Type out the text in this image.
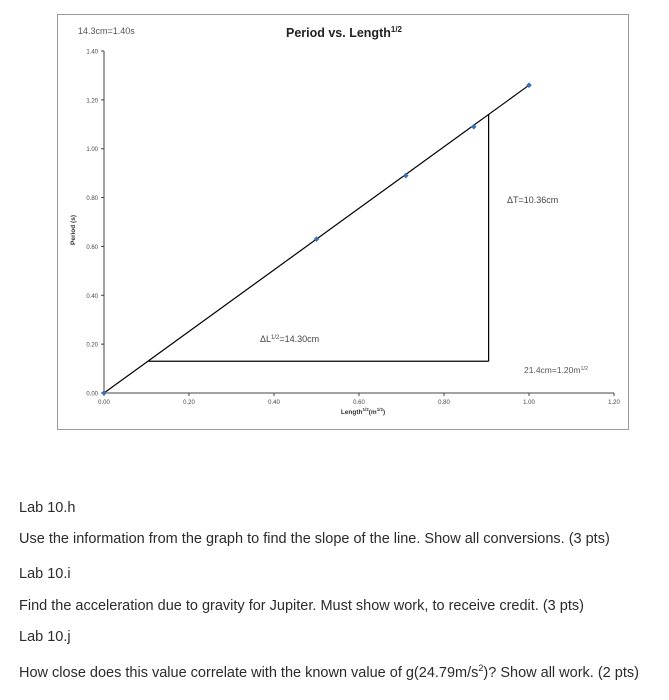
14.3cm=1.40s	Period vs. Length$^{1/2}$
Period (s)
$Length^{1/2}(m^{1/2})$
0.00
0.20
0.40
0.60
0.80
1.00
1.20
1.40
0.00	0.20	0.40	0.60	0.80	1.00	1.20
ΔT=10.36cm
$\Delta L^{1/2}=14.30cm$
$21.4cm=1.20m^{1/2}$
Lab 10.h
Use the information from the graph to find the slope of the line. Show all conversions. (3 pts)
Lab 10.i
Find the acceleration due to gravity for Jupiter. Must show work, to receive credit. (3 pts)
Lab 10.j
How close does this value correlate with the known value of $g(24.79m/s^2)$? Show all work. (2 pts)
